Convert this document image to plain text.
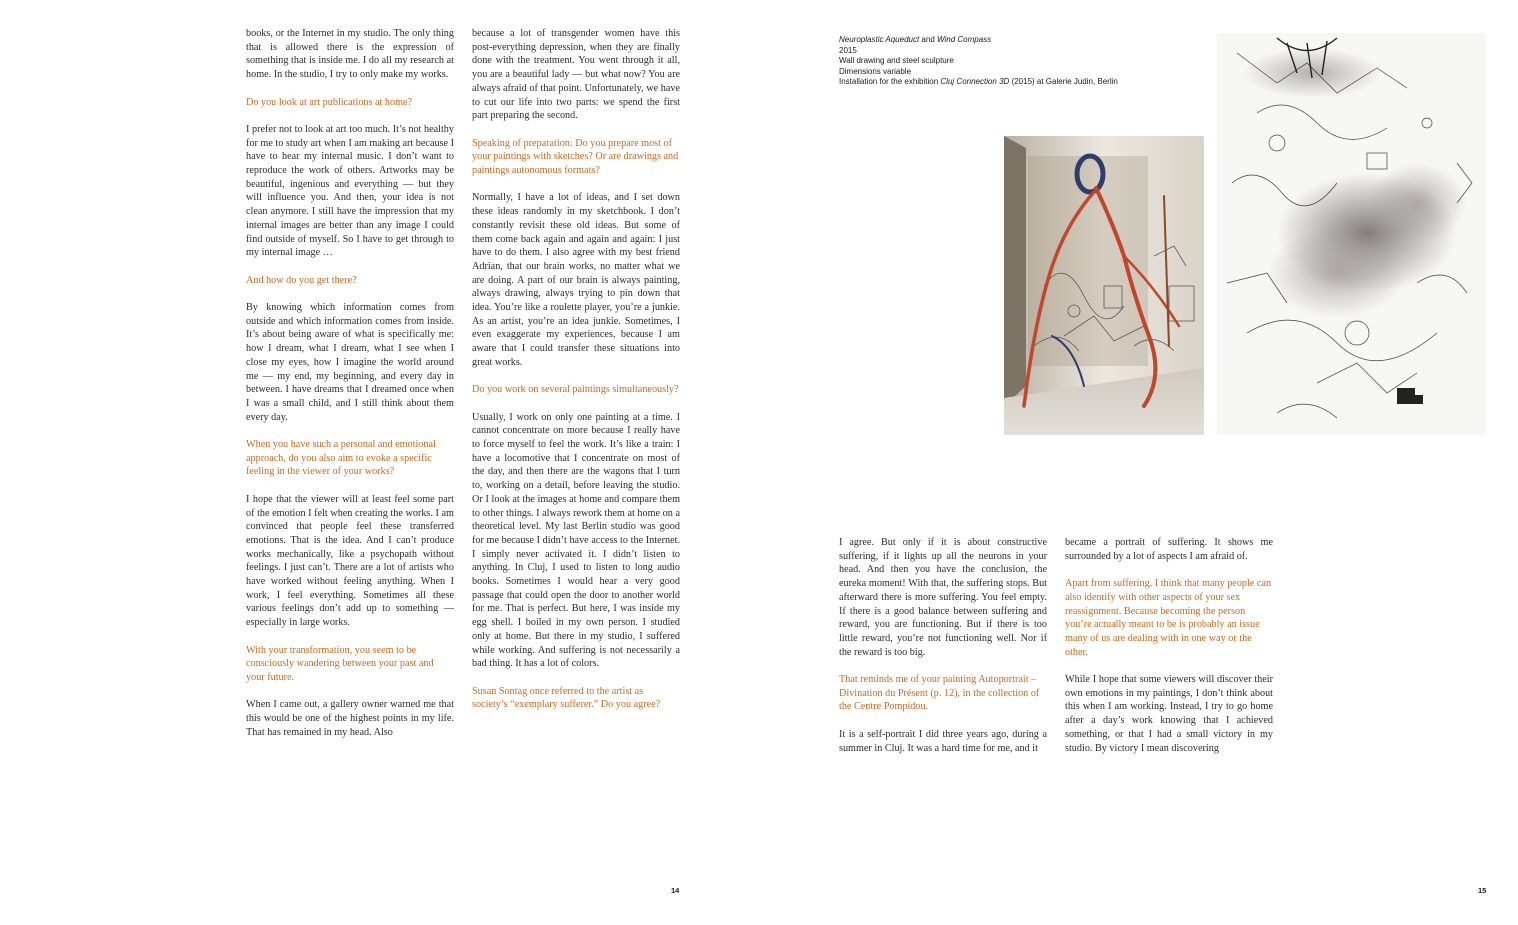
books, or the Internet in my studio. The only thing that is allowed there is the expression of something that is inside me. I do all my research at home. In the studio, I try to only make my works.

Do you look at art publications at home?

I prefer not to look at art too much. It’s not healthy for me to study art when I am making art because I have to hear my internal music. I don’t want to reproduce the work of others. Artworks may be beautiful, ingenious and everything — but they will influence you. And then, your idea is not clean anymore. I still have the impression that my internal images are better than any image I could find outside of myself. So I have to get through to my internal image …

And how do you get there?

By knowing which information comes from outside and which information comes from inside. It’s about being aware of what is specifically me: how I dream, what I dream, what I see when I close my eyes, how I imagine the world around me — my end, my beginning, and every day in between. I have dreams that I dreamed once when I was a small child, and I still think about them every day.

When you have such a personal and emotional approach, do you also aim to evoke a specific feeling in the viewer of your works?

I hope that the viewer will at least feel some part of the emotion I felt when creating the works. I am convinced that people feel these transferred emotions. That is the idea. And I can’t produce works mechanically, like a psychopath without feelings. I just can’t. There are a lot of artists who have worked without feeling anything. When I work, I feel everything. Sometimes all these various feelings don’t add up to something — especially in large works.

With your transformation, you seem to be consciously wandering between your past and your future.

When I came out, a gallery owner warned me that this would be one of the highest points in my life. That has remained in my head. Also

because a lot of transgender women have this post-everything depression, when they are finally done with the treatment. You went through it all, you are a beautiful lady — but what now? You are always afraid of that point. Unfortunately, we have to cut our life into two parts: we spend the first part preparing the second.

Speaking of preparation: Do you prepare most of your paintings with sketches? Or are drawings and paintings autonomous formats?

Normally, I have a lot of ideas, and I set down these ideas randomly in my sketchbook. I don’t constantly revisit these old ideas. But some of them come back again and again and again: I just have to do them. I also agree with my best friend Adrian, that our brain works, no matter what we are doing. A part of our brain is always painting, always drawing, always trying to pin down that idea. You’re like a roulette player, you’re a junkie. As an artist, you’re an idea junkie. Sometimes, I even exaggerate my experiences, because I am aware that I could transfer these situations into great works.

Do you work on several paintings simultaneously?

Usually, I work on only one painting at a time. I cannot concentrate on more because I really have to force myself to feel the work. It’s like a train: I have a locomotive that I concentrate on most of the day, and then there are the wagons that I turn to, working on a detail, before leaving the studio. Or I look at the images at home and compare them to other things. I always rework them at home on a theoretical level. My last Berlin studio was good for me because I didn’t have access to the Internet. I simply never activated it. I didn’t listen to anything. In Cluj, I used to listen to long audio books. Sometimes I would hear a very good passage that could open the door to another world for me. That is perfect. But here, I was inside my egg shell. I boiled in my own person. I studied only at home. But there in my studio, I suffered while working. And suffering is not necessarily a bad thing. It has a lot of colors.

Susan Sontag once referred to the artist as society’s “exemplary sufferer.” Do you agree?

Neuroplastic Aqueduct and Wind Compass
2015
Wall drawing and steel sculpture
Dimensions variable
Installation for the exhibition Cluj Connection 3D (2015) at Galerie Judin, Berlin

I agree. But only if it is about constructive suffering, if it lights up all the neurons in your head. And then you have the conclusion, the eureka moment! With that, the suffering stops. But afterward there is more suffering. You feel empty. If there is a good balance between suffering and reward, you are functioning. But if there is too little reward, you’re not functioning well. Nor if the reward is too big.

That reminds me of your painting Autoportrait – Divination du Présent (p. 12), in the collection of the Centre Pompidou.

It is a self-portrait I did three years ago, during a summer in Cluj. It was a hard time for me, and it

became a portrait of suffering. It shows me surrounded by a lot of aspects I am afraid of.

Apart from suffering, I think that many people can also identify with other aspects of your sex reassignment. Because becoming the person you’re actually meant to be is probably an issue many of us are dealing with in one way or the other.

While I hope that some viewers will discover their own emotions in my paintings, I don’t think about this when I am working. Instead, I try to go home after a day’s work knowing that I achieved something, or that I had a small victory in my studio. By victory I mean discovering

14	15
